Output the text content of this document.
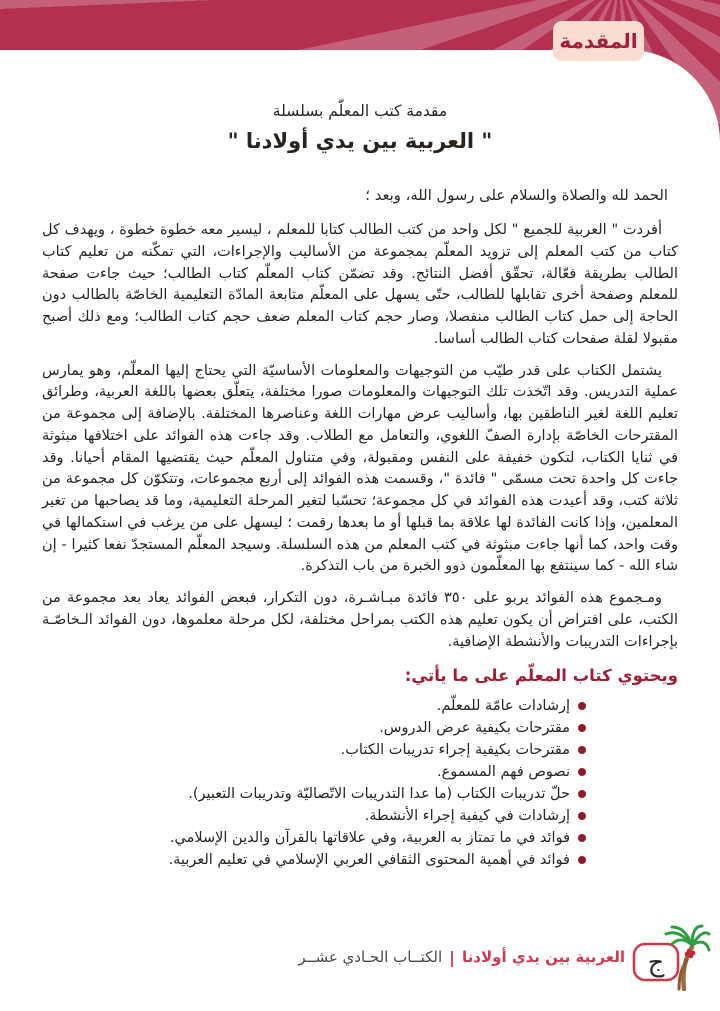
المقدمة
مقدمة كتب المعلّم بسلسلة
" العربية بين يدي أولادنا "

الحمد لله والصلاة والسلام على رسول الله، وبعد ؛

أفردت " العربية للجميع " لكل واحد من كتب الطالب كتابا للمعلم ، ليسير معه خطوة خطوة ، ويهدف كل كتاب من كتب المعلم إلى تزويد المعلّم بمجموعة من الأساليب والإجراءات، التي تمكّنه من تعليم كتاب الطالب بطريقة فعّالة، تحقّق أفضل النتائج. وقد تضمّن كتاب المعلّم كتاب الطالب؛ حيث جاءت صفحة للمعلم وصفحة أخرى تقابلها للطالب، حتّى يسهل على المعلّم متابعة المادّة التعليمية الخاصّة بالطالب دون الحاجة إلى حمل كتاب الطالب منفصلا، وصار حجم كتاب المعلم ضعف حجم كتاب الطالب؛ ومع ذلك أصبح مقبولا لقلة صفحات كتاب الطالب أساسا.

يشتمل الكتاب على قدر طيّب من التوجيهات والمعلومات الأساسيّة التي يحتاج إليها المعلّم، وهو يمارس عملية التدريس. وقد اتّخذت تلك التوجيهات والمعلومات صورا مختلفة، يتعلّق بعضها باللغة العربية، وطرائق تعليم اللغة لغير الناطقين بها، وأساليب عرض مهارات اللغة وعناصرها المختلفة. بالإضافة إلى مجموعة من المقترحات الخاصّة بإدارة الصفّ اللغوي، والتعامل مع الطلاب. وقد جاءت هذه الفوائد على اختلافها مبثوثة في ثنايا الكتاب، لتكون خفيفة على النفس ومقبولة، وفي متناول المعلّم حيث يقتضيها المقام أحيانا. وقد جاءت كل واحدة تحت مسمّى " فائدة "، وقسمت هذه الفوائد إلى أربع مجموعات، وتتكوّن كل مجموعة من ثلاثة كتب، وقد أعيدت هذه الفوائد في كل مجموعة؛ تحسّبا لتغير المرحلة التعليمية، وما قد يصاحبها من تغير المعلمين، وإذا كانت الفائدة لها علاقة بما قبلها أو ما بعدها رقمت ؛ ليسهل على من يرغب في استكمالها في وقت واحد، كما أنها جاءت مبثوثة في كتب المعلم من هذه السلسلة. وسيجد المعلّم المستجدّ نفعا كثيرا - إن شاء الله - كما سينتفع بها المعلّمون ذوو الخبرة من باب التذكرة.

ومـجموع هذه الفوائد يربو على ٣٥٠ فائدة مبـاشـرة، دون التكرار، فبعض الفوائد يعاد بعد مجموعة من الكتب، على افتراض أن يكون تعليم هذه الكتب بمراحل مختلفة، لكل مرحلة معلموها، دون الفوائد الـخاصّـة بإجراءات التدريبات والأنشطة الإضافية.

ويحتوي كتاب المعلّم على ما يأتي:
إرشادات عامّة للمعلّم.
مقترحات بكيفية عرض الدروس.
مقترحات بكيفية إجراء تدريبات الكتاب.
نصوص فهم المسموع.
حلّ تدريبات الكتاب (ما عدا التدريبات الاتّصاليّة وتدريبات التعبير).
إرشادات في كيفية إجراء الأنشطة.
فوائد في ما تمتاز به العربية، وفي علاقاتها بالقرآن والدين الإسلامي.
فوائد في أهمية المحتوى الثقافي العربي الإسلامي في تعليم العربية.
ج
العربية بين يدي أولادنا
|
الكتــاب الحـادي عشــر
